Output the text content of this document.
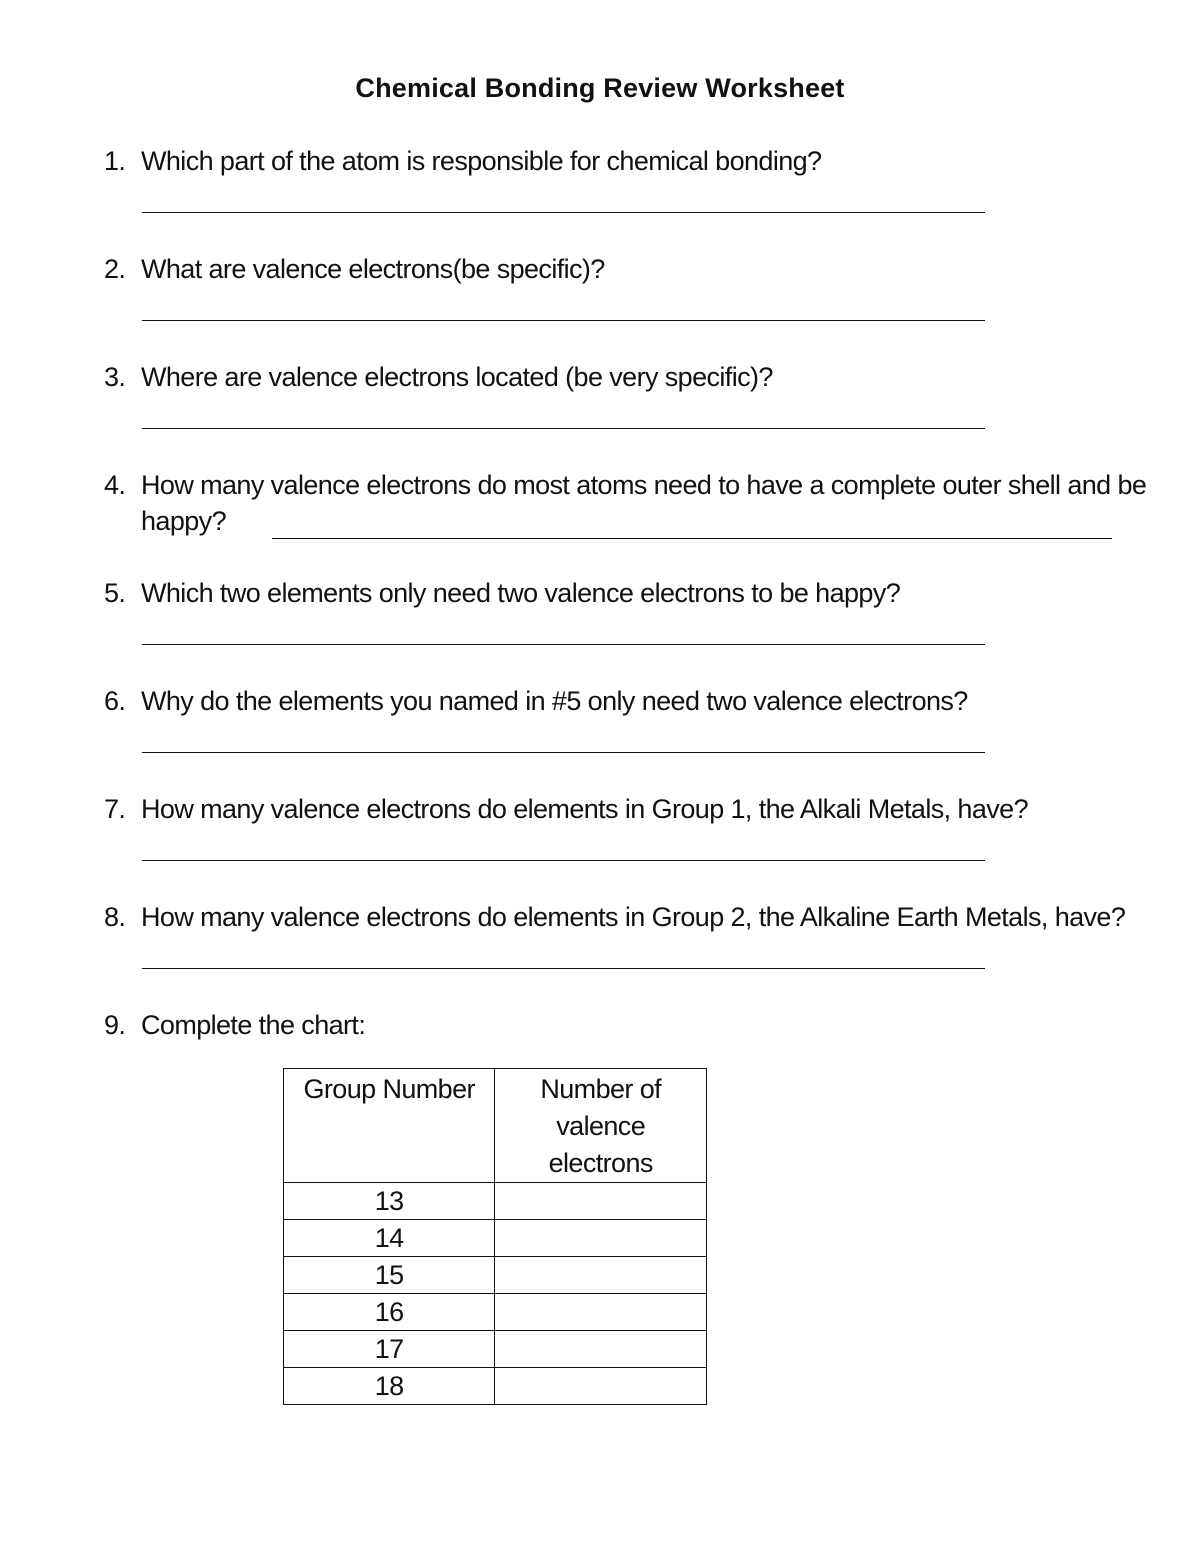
Chemical Bonding Review Worksheet
1. Which part of the atom is responsible for chemical bonding?
2. What are valence electrons(be specific)?
3. Where are valence electrons located (be very specific)?
4. How many valence electrons do most atoms need to have a complete outer shell and be happy?
5. Which two elements only need two valence electrons to be happy?
6. Why do the elements you named in #5 only need two valence electrons?
7. How many valence electrons do elements in Group 1, the Alkali Metals, have?
8. How many valence electrons do elements in Group 2, the Alkaline Earth Metals, have?
9. Complete the chart:
Group Number	Number of valence electrons

13	
14	
15	
16	
17	
18	
